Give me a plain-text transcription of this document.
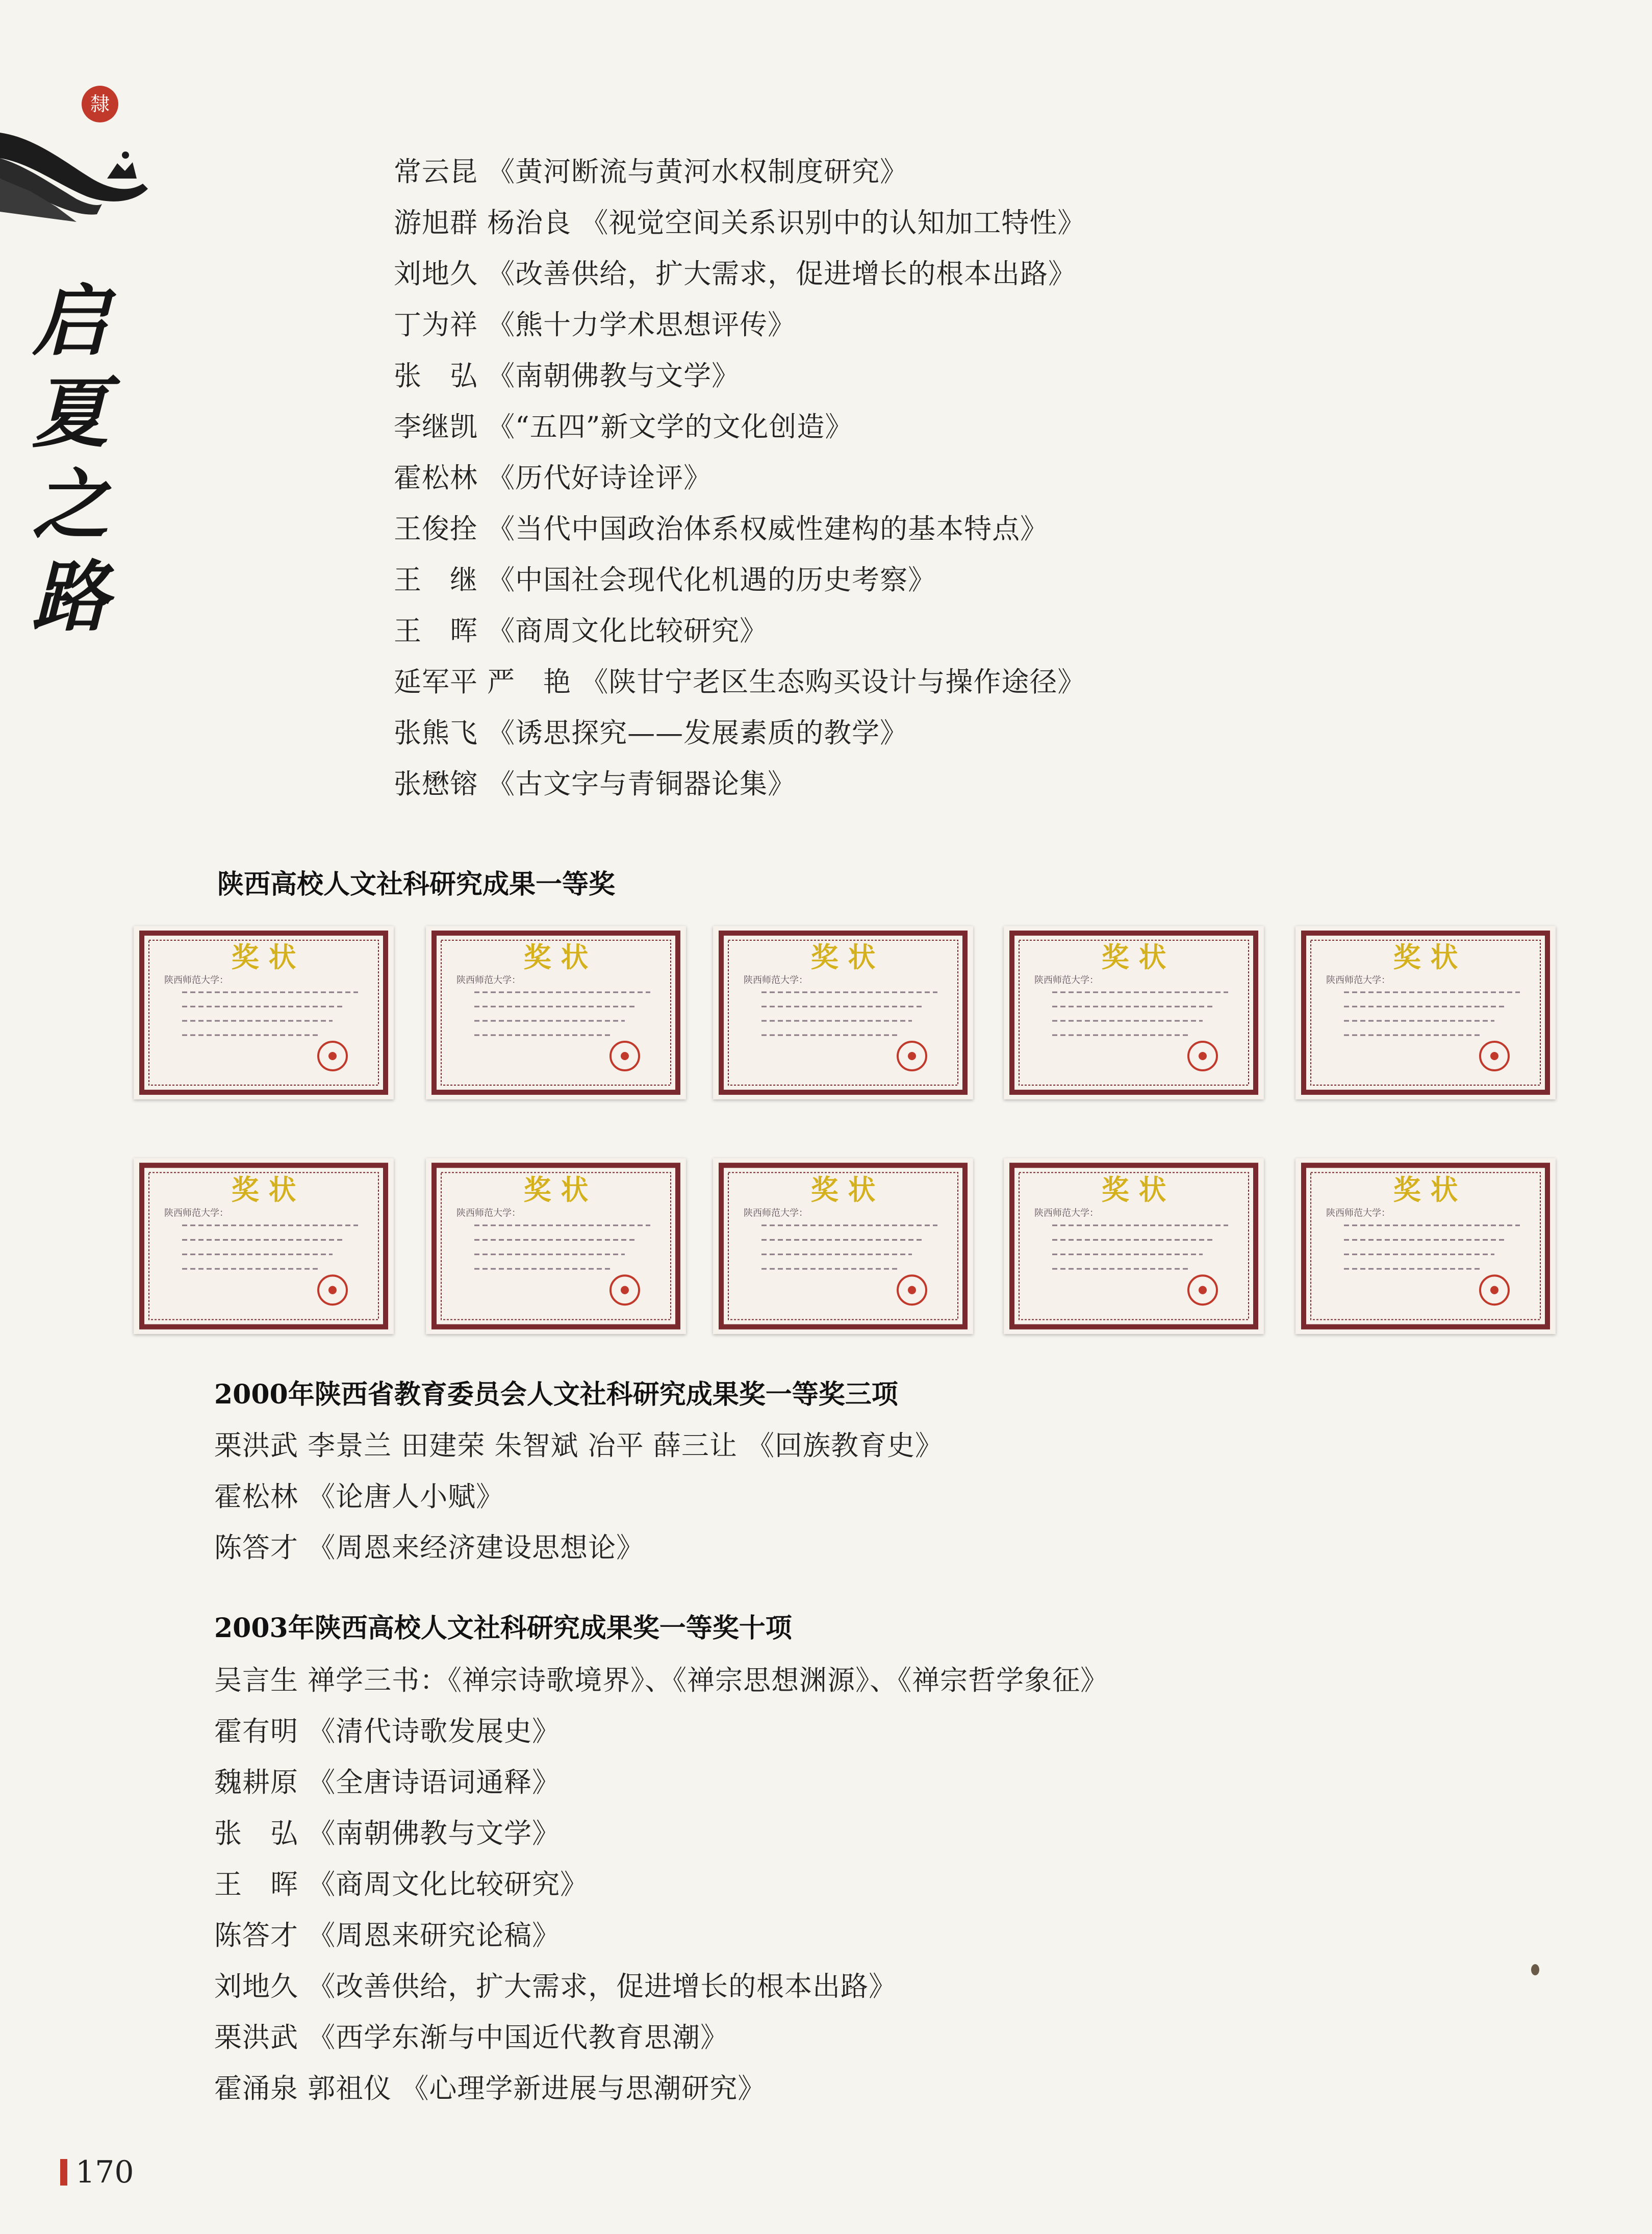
隸
启
夏
之
路
常云昆 《黄河断流与黄河水权制度研究》
游旭群 杨治良 《视觉空间关系识别中的认知加工特性》
刘地久 《改善供给，扩大需求，促进增长的根本出路》
丁为祥 《熊十力学术思想评传》
张　弘 《南朝佛教与文学》
李继凯 《“五四”新文学的文化创造》
霍松林 《历代好诗诠评》
王俊拴 《当代中国政治体系权威性建构的基本特点》
王　继 《中国社会现代化机遇的历史考察》
王　晖 《商周文化比较研究》
延军平 严　艳 《陕甘宁老区生态购买设计与操作途径》
张熊飞 《诱思探究——发展素质的教学》
张懋镕 《古文字与青铜器论集》
陕西高校人文社科研究成果一等奖
奖 状
陕西师范大学：
奖 状
陕西师范大学：
奖 状
陕西师范大学：
奖 状
陕西师范大学：
奖 状
陕西师范大学：
奖 状
陕西师范大学：
奖 状
陕西师范大学：
奖 状
陕西师范大学：
奖 状
陕西师范大学：
奖 状
陕西师范大学：
2000年陕西省教育委员会人文社科研究成果奖一等奖三项
栗洪武 李景兰 田建荣 朱智斌 冶平 薛三让 《回族教育史》
霍松林 《论唐人小赋》
陈答才 《周恩来经济建设思想论》
2003年陕西高校人文社科研究成果奖一等奖十项
吴言生 禅学三书：《禅宗诗歌境界》、《禅宗思想渊源》、《禅宗哲学象征》
霍有明 《清代诗歌发展史》
魏耕原 《全唐诗语词通释》
张　弘 《南朝佛教与文学》
王　晖 《商周文化比较研究》
陈答才 《周恩来研究论稿》
刘地久 《改善供给，扩大需求，促进增长的根本出路》
栗洪武 《西学东渐与中国近代教育思潮》
霍涌泉 郭祖仪 《心理学新进展与思潮研究》
170
